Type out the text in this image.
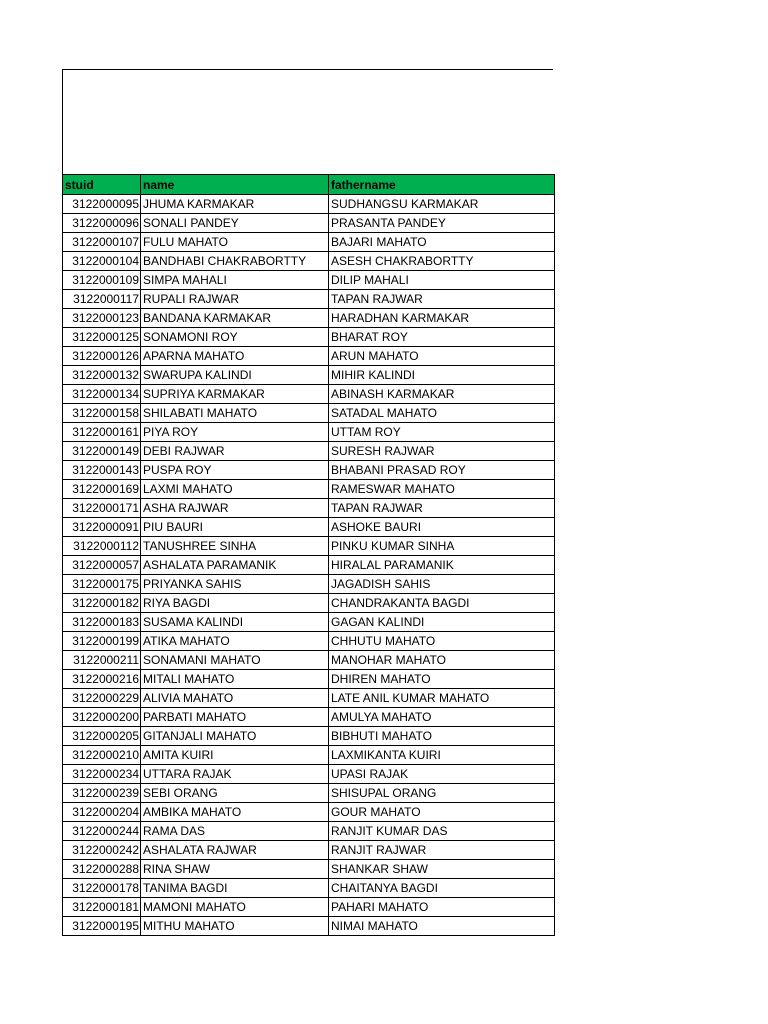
stuid	name	fathername
3122000095	JHUMA KARMAKAR	SUDHANGSU KARMAKAR
3122000096	SONALI PANDEY	PRASANTA PANDEY
3122000107	FULU MAHATO	BAJARI MAHATO
3122000104	BANDHABI CHAKRABORTTY	ASESH CHAKRABORTTY
3122000109	SIMPA MAHALI	DILIP MAHALI
3122000117	RUPALI RAJWAR	TAPAN RAJWAR
3122000123	BANDANA KARMAKAR	HARADHAN KARMAKAR
3122000125	SONAMONI ROY	BHARAT ROY
3122000126	APARNA MAHATO	ARUN MAHATO
3122000132	SWARUPA KALINDI	MIHIR KALINDI
3122000134	SUPRIYA KARMAKAR	ABINASH KARMAKAR
3122000158	SHILABATI MAHATO	SATADAL MAHATO
3122000161	PIYA ROY	UTTAM ROY
3122000149	DEBI RAJWAR	SURESH RAJWAR
3122000143	PUSPA ROY	BHABANI PRASAD ROY
3122000169	LAXMI MAHATO	RAMESWAR MAHATO
3122000171	ASHA RAJWAR	TAPAN RAJWAR
3122000091	PIU BAURI	ASHOKE BAURI
3122000112	TANUSHREE SINHA	PINKU KUMAR SINHA
3122000057	ASHALATA PARAMANIK	HIRALAL PARAMANIK
3122000175	PRIYANKA SAHIS	JAGADISH SAHIS
3122000182	RIYA BAGDI	CHANDRAKANTA BAGDI
3122000183	SUSAMA KALINDI	GAGAN KALINDI
3122000199	ATIKA MAHATO	CHHUTU MAHATO
3122000211	SONAMANI MAHATO	MANOHAR MAHATO
3122000216	MITALI MAHATO	DHIREN MAHATO
3122000229	ALIVIA MAHATO	LATE ANIL KUMAR MAHATO
3122000200	PARBATI MAHATO	AMULYA MAHATO
3122000205	GITANJALI MAHATO	BIBHUTI MAHATO
3122000210	AMITA KUIRI	LAXMIKANTA KUIRI
3122000234	UTTARA RAJAK	UPASI RAJAK
3122000239	SEBI ORANG	SHISUPAL ORANG
3122000204	AMBIKA MAHATO	GOUR MAHATO
3122000244	RAMA DAS	RANJIT KUMAR DAS
3122000242	ASHALATA RAJWAR	RANJIT RAJWAR
3122000288	RINA SHAW	SHANKAR SHAW
3122000178	TANIMA BAGDI	CHAITANYA BAGDI
3122000181	MAMONI MAHATO	PAHARI MAHATO
3122000195	MITHU MAHATO	NIMAI MAHATO
